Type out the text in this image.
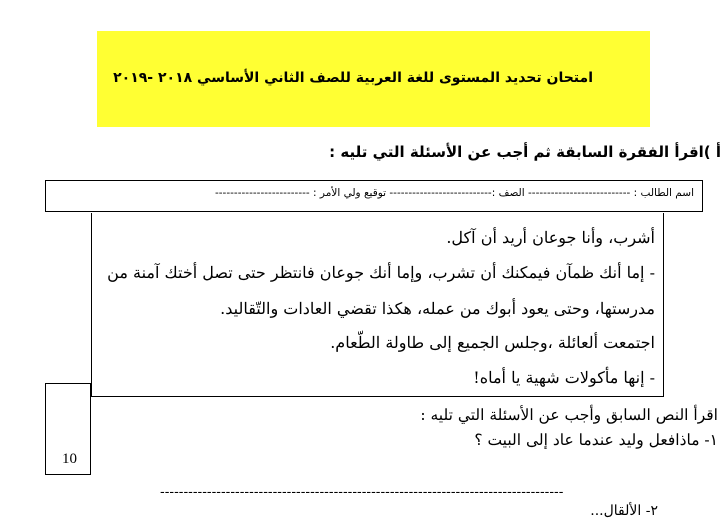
امتحان تحديد المستوى للغة العربية للصف الثاني الأساسي ٢٠١٨ -٢٠١٩
أ )اقرأ الفقرة السابقة ثم أجب عن الأسئلة التي تليه :
اسم الطالب : --------------------------- الصف :--------------------------- توقيع ولي الأمر : -------------------------
أشرب، وأنا جوعان أريد أن آكل.
- إما أنك ظمآن فيمكنك أن تشرب، وإما أنك جوعان فانتظر حتى تصل أختك آمنة من
مدرستها، وحتى يعود أبوك من عمله، هكذا تقضي العادات والتّقاليد.
اجتمعت ألعائلة ،وجلس الجميع إلى طاولة الطّعام.
- إنها مأكولات شهية يا أماه!
10
اقرأ النص السابق وأجب عن الأسئلة التي تليه :
١- ماذافعل وليد عندما عاد إلى البيت ؟
--------------------------------------------------------------------------------------
٢- الألقال...
